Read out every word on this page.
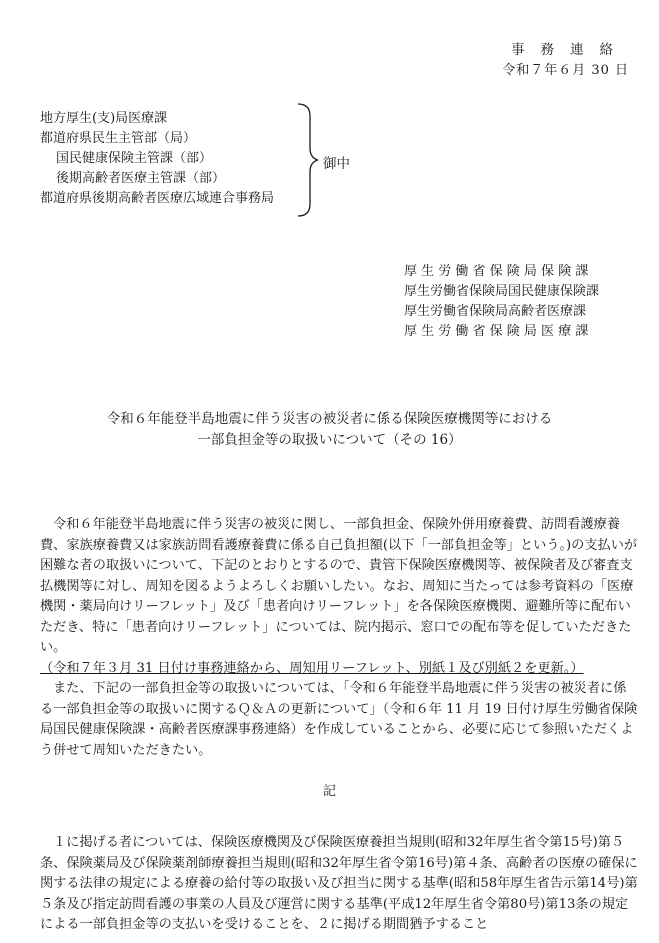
事務連絡
令和７年６月 30 日
地方厚生(支)局医療課
都道府県民生主管部（局）
国民健康保険主管課（部）
後期高齢者医療主管課（部）
都道府県後期高齢者医療広域連合事務局
御中
厚 生 労 働 省 保 険 局 保 険 課
厚生労働省保険局国民健康保険課
厚生労働省保険局高齢者医療課
厚 生 労 働 省 保 険 局 医 療 課
令和６年能登半島地震に伴う災害の被災者に係る保険医療機関等における
一部負担金等の取扱いについて（その 16）

令和６年能登半島地震に伴う災害の被災に関し、一部負担金、保険外併用療養費、訪問看護療養費、家族療養費又は家族訪問看護療養費に係る自己負担額(以下「一部負担金等」という。)の支払いが困難な者の取扱いについて、下記のとおりとするので、貴管下保険医療機関等、被保険者及び審査支払機関等に対し、周知を図るようよろしくお願いしたい。なお、周知に当たっては参考資料の「医療機関・薬局向けリーフレット」及び「患者向けリーフレット」を各保険医療機関、避難所等に配布いただき、特に「患者向けリーフレット」については、院内掲示、窓口での配布等を促していただきたい。

（令和７年３月 31 日付け事務連絡から、周知用リーフレット、別紙１及び別紙２を更新。）

また、下記の一部負担金等の取扱いについては、「令和６年能登半島地震に伴う災害の被災者に係る一部負担金等の取扱いに関するＱ＆Ａの更新について」（令和６年 11 月 19 日付け厚生労働省保険局国民健康保険課・高齢者医療課事務連絡）を作成していることから、必要に応じて参照いただくよう併せて周知いただきたい。

記

１に掲げる者については、保険医療機関及び保険医療養担当規則(昭和32年厚生省令第15号)第５条、保険薬局及び保険薬剤師療養担当規則(昭和32年厚生省令第16号)第４条、高齢者の医療の確保に関する法律の規定による療養の給付等の取扱い及び担当に関する基準(昭和58年厚生省告示第14号)第５条及び指定訪問看護の事業の人員及び運営に関する基準(平成12年厚生省令第80号)第13条の規定による一部負担金等の支払いを受けることを、２に掲げる期間猶予すること
